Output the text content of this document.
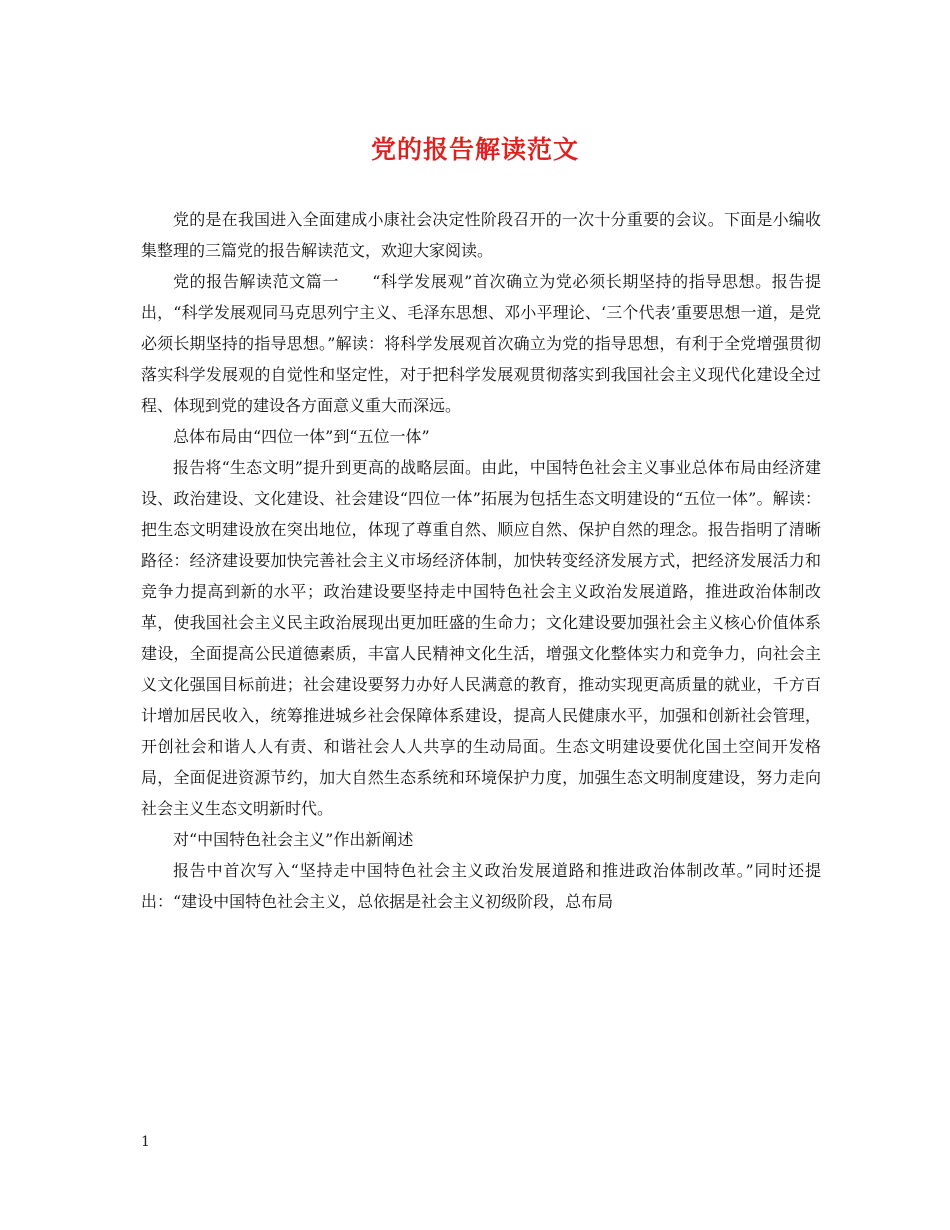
党的报告解读范文

党的是在我国进入全面建成小康社会决定性阶段召开的一次十分重要的会议。下面是小编收集整理的三篇党的报告解读范文，欢迎大家阅读。

党的报告解读范文篇一　　“科学发展观”首次确立为党必须长期坚持的指导思想。报告提出，“科学发展观同马克思列宁主义、毛泽东思想、邓小平理论、‘三个代表’重要思想一道，是党必须长期坚持的指导思想。”解读：将科学发展观首次确立为党的指导思想，有利于全党增强贯彻落实科学发展观的自觉性和坚定性，对于把科学发展观贯彻落实到我国社会主义现代化建设全过程、体现到党的建设各方面意义重大而深远。

总体布局由“四位一体”到“五位一体”

报告将“生态文明”提升到更高的战略层面。由此，中国特色社会主义事业总体布局由经济建设、政治建设、文化建设、社会建设“四位一体”拓展为包括生态文明建设的“五位一体”。解读：把生态文明建设放在突出地位，体现了尊重自然、顺应自然、保护自然的理念。报告指明了清晰路径：经济建设要加快完善社会主义市场经济体制，加快转变经济发展方式，把经济发展活力和竞争力提高到新的水平；政治建设要坚持走中国特色社会主义政治发展道路，推进政治体制改革，使我国社会主义民主政治展现出更加旺盛的生命力；文化建设要加强社会主义核心价值体系建设，全面提高公民道德素质，丰富人民精神文化生活，增强文化整体实力和竞争力，向社会主义文化强国目标前进；社会建设要努力办好人民满意的教育，推动实现更高质量的就业，千方百计增加居民收入，统筹推进城乡社会保障体系建设，提高人民健康水平，加强和创新社会管理，开创社会和谐人人有责、和谐社会人人共享的生动局面。生态文明建设要优化国土空间开发格局，全面促进资源节约，加大自然生态系统和环境保护力度，加强生态文明制度建设，努力走向社会主义生态文明新时代。

对“中国特色社会主义”作出新阐述

报告中首次写入“坚持走中国特色社会主义政治发展道路和推进政治体制改革。”同时还提出：“建设中国特色社会主义，总依据是社会主义初级阶段，总布局

1
